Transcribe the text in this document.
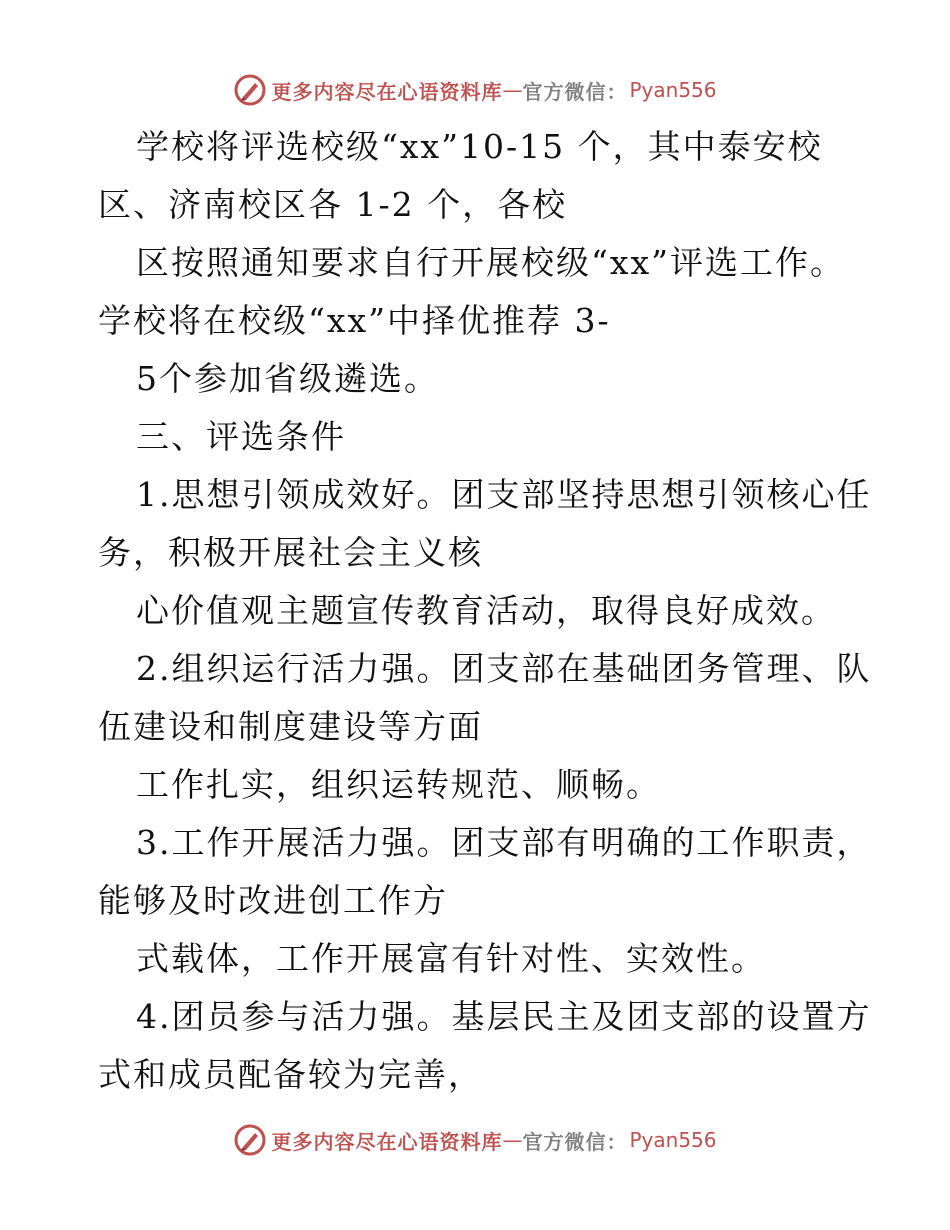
更多内容尽在心语资料库 — 官方微信： Pyan556
学校将评选校级“xx”10-15 个，其中泰安校
区、济南校区各 1-2 个，各校
区按照通知要求自行开展校级“xx”评选工作。
学校将在校级“xx”中择优推荐 3-
5个参加省级遴选。
三、评选条件
1.思想引领成效好。团支部坚持思想引领核心任
务，积极开展社会主义核
心价值观主题宣传教育活动，取得良好成效。
2.组织运行活力强。团支部在基础团务管理、队
伍建设和制度建设等方面
工作扎实，组织运转规范、顺畅。
3.工作开展活力强。团支部有明确的工作职责，
能够及时改进创工作方
式载体，工作开展富有针对性、实效性。
4.团员参与活力强。基层民主及团支部的设置方
式和成员配备较为完善，
更多内容尽在心语资料库 — 官方微信： Pyan556
